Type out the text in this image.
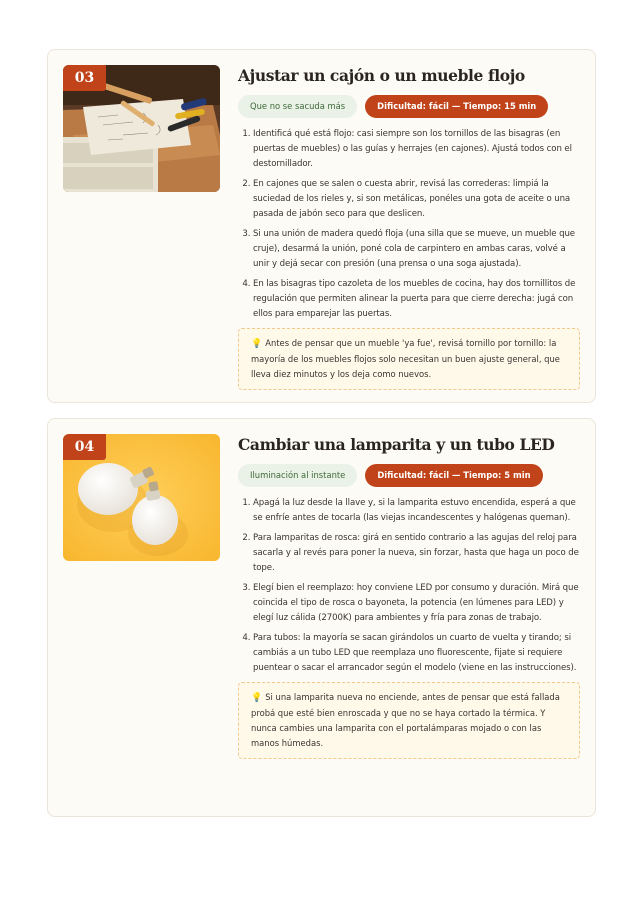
03	Ajustar un cajón o un mueble flojo
Que no se sacuda más	Dificultad: fácil — Tiempo: 15 min
1. Identificá qué está flojo: casi siempre son los tornillos de las bisagras (en puertas de muebles) o las guías y herrajes (en cajones). Ajustá todos con el destornillador.
2. En cajones que se salen o cuesta abrir, revisá las correderas: limpiá la suciedad de los rieles y, si son metálicas, ponéles una gota de aceite o una pasada de jabón seco para que deslicen.
3. Si una unión de madera quedó floja (una silla que se mueve, un mueble que cruje), desarmá la unión, poné cola de carpintero en ambas caras, volvé a unir y dejá secar con presión (una prensa o una soga ajustada).
4. En las bisagras tipo cazoleta de los muebles de cocina, hay dos tornillitos de regulación que permiten alinear la puerta para que cierre derecha: jugá con ellos para emparejar las puertas.
💡 Antes de pensar que un mueble 'ya fue', revisá tornillo por tornillo: la mayoría de los muebles flojos solo necesitan un buen ajuste general, que lleva diez minutos y los deja como nuevos.
04	Cambiar una lamparita y un tubo LED
Iluminación al instante	Dificultad: fácil — Tiempo: 5 min
1. Apagá la luz desde la llave y, si la lamparita estuvo encendida, esperá a que se enfríe antes de tocarla (las viejas incandescentes y halógenas queman).
2. Para lamparitas de rosca: girá en sentido contrario a las agujas del reloj para sacarla y al revés para poner la nueva, sin forzar, hasta que haga un poco de tope.
3. Elegí bien el reemplazo: hoy conviene LED por consumo y duración. Mirá que coincida el tipo de rosca o bayoneta, la potencia (en lúmenes para LED) y elegí luz cálida (2700K) para ambientes y fría para zonas de trabajo.
4. Para tubos: la mayoría se sacan girándolos un cuarto de vuelta y tirando; si cambiás a un tubo LED que reemplaza uno fluorescente, fijate si requiere puentear o sacar el arrancador según el modelo (viene en las instrucciones).
💡 Si una lamparita nueva no enciende, antes de pensar que está fallada probá que esté bien enroscada y que no se haya cortado la térmica. Y nunca cambies una lamparita con el portalámparas mojado o con las manos húmedas.
